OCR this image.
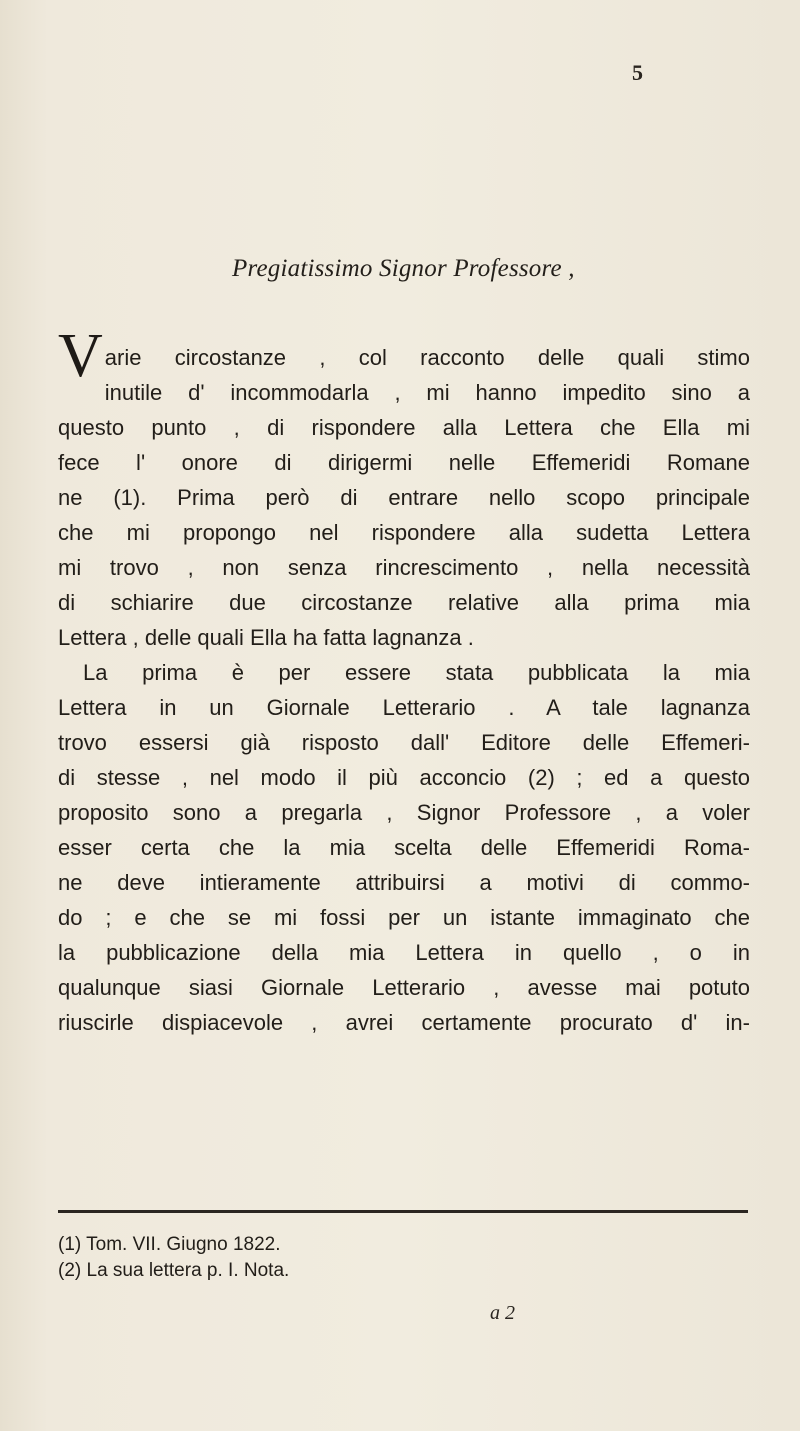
5
Pregiatissimo Signor Professore ,
V arie circostanze , col racconto delle quali stimo
inutile d' incommodarla , mi hanno impedito sino a
questo punto , di rispondere alla Lettera che Ella mi
fece l' onore di dirigermi nelle Effemeridi Romane
ne (1). Prima però di entrare nello scopo principale
che mi propongo nel rispondere alla sudetta Lettera
mi trovo , non senza rincrescimento , nella necessità
di schiarire due circostanze relative alla prima mia
Lettera , delle quali Ella ha fatta lagnanza .
La prima è per essere stata pubblicata la mia
Lettera in un Giornale Letterario . A tale lagnanza
trovo essersi già risposto dall' Editore delle Effemeri-
di stesse , nel modo il più acconcio (2) ; ed a questo
proposito sono a pregarla , Signor Professore , a voler
esser certa che la mia scelta delle Effemeridi Roma-
ne deve intieramente attribuirsi a motivi di commo-
do ; e che se mi fossi per un istante immaginato che
la pubblicazione della mia Lettera in quello , o in
qualunque siasi Giornale Letterario , avesse mai potuto
riuscirle dispiacevole , avrei certamente procurato d' in-
(1) Tom. VII. Giugno 1822.
(2) La sua lettera p. I. Nota.
a 2
